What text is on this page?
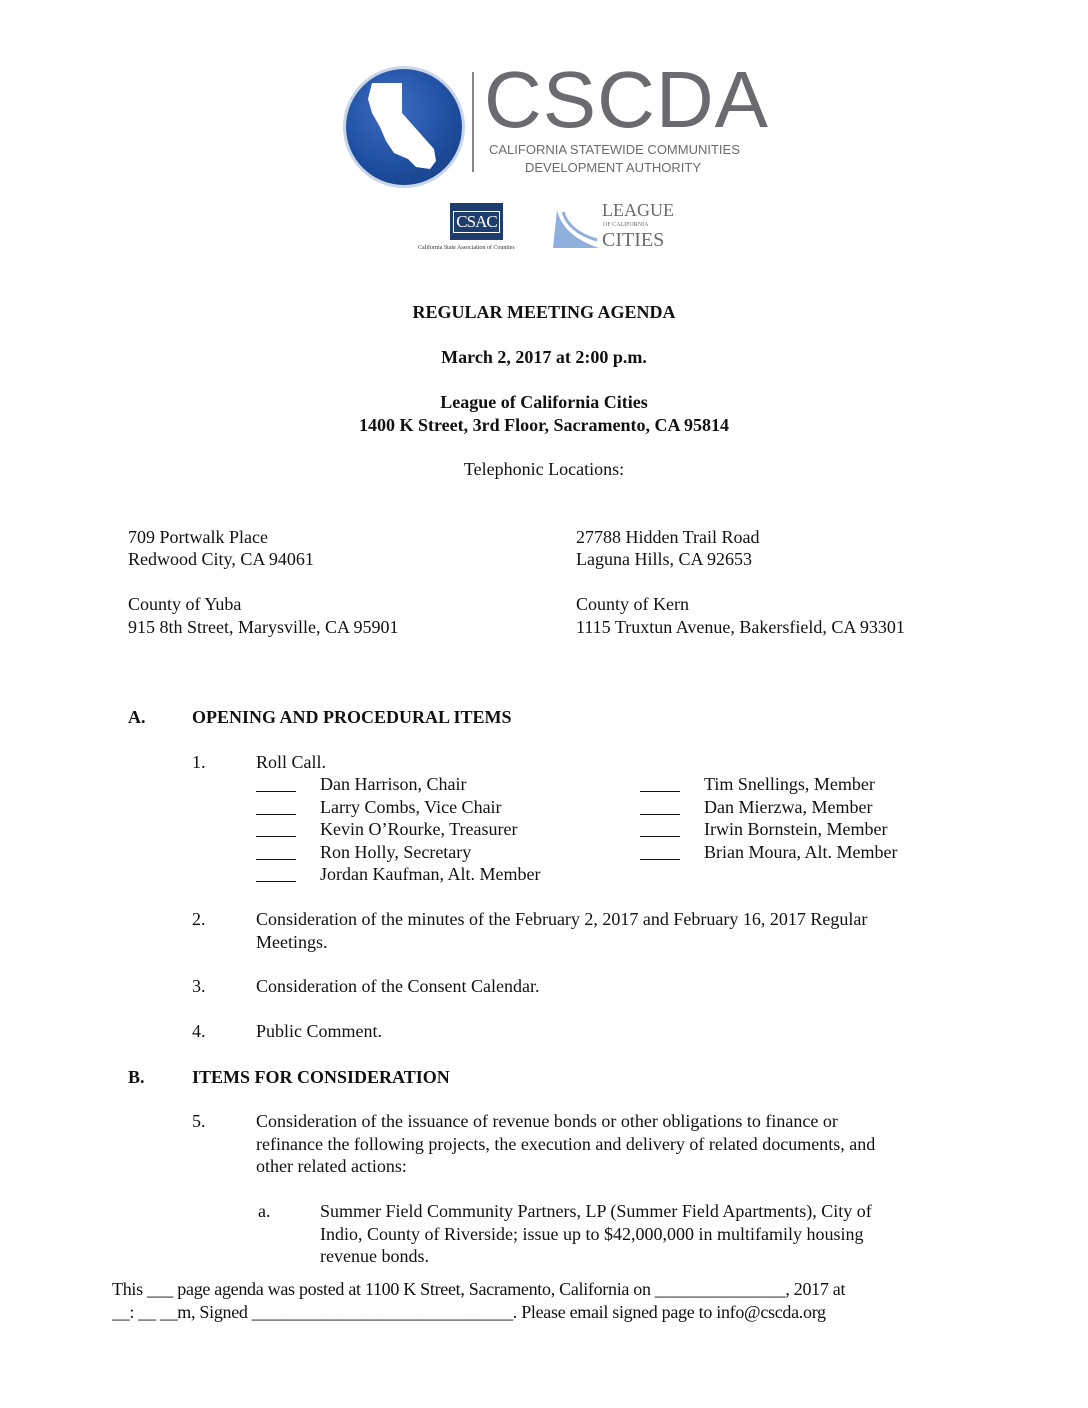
CSCDA
CALIFORNIA STATEWIDE COMMUNITIES
DEVELOPMENT AUTHORITY
CSAC
California State Association of Counties
LEAGUE
OF CALIFORNIA
CITIES
REGULAR MEETING AGENDA
March 2, 2017 at 2:00 p.m.
League of California Cities
1400 K Street, 3rd Floor, Sacramento, CA 95814
Telephonic Locations:
709 Portwalk Place
Redwood City, CA 94061
27788 Hidden Trail Road
Laguna Hills, CA 92653
County of Yuba
915 8th Street, Marysville, CA 95901
County of Kern
1115 Truxtun Avenue, Bakersfield, CA 93301
A.	OPENING AND PROCEDURAL ITEMS
1.	Roll Call.
Dan Harrison, Chair
Larry Combs, Vice Chair
Kevin O’Rourke, Treasurer
Ron Holly, Secretary
Jordan Kaufman, Alt. Member
Tim Snellings, Member
Dan Mierzwa, Member
Irwin Bornstein, Member
Brian Moura, Alt. Member
2.	Consideration of the minutes of the February 2, 2017 and February 16, 2017 Regular
Meetings.
3.	Consideration of the Consent Calendar.
4.	Public Comment.
B.	ITEMS FOR CONSIDERATION
5.	Consideration of the issuance of revenue bonds or other obligations to finance or
refinance the following projects, the execution and delivery of related documents, and
other related actions:
a.	Summer Field Community Partners, LP (Summer Field Apartments), City of
Indio, County of Riverside; issue up to $42,000,000 in multifamily housing
revenue bonds.
This ___ page agenda was posted at 1100 K Street, Sacramento, California on _______________, 2017 at
__: __ __m, Signed ______________________________. Please email signed page to info@cscda.org
